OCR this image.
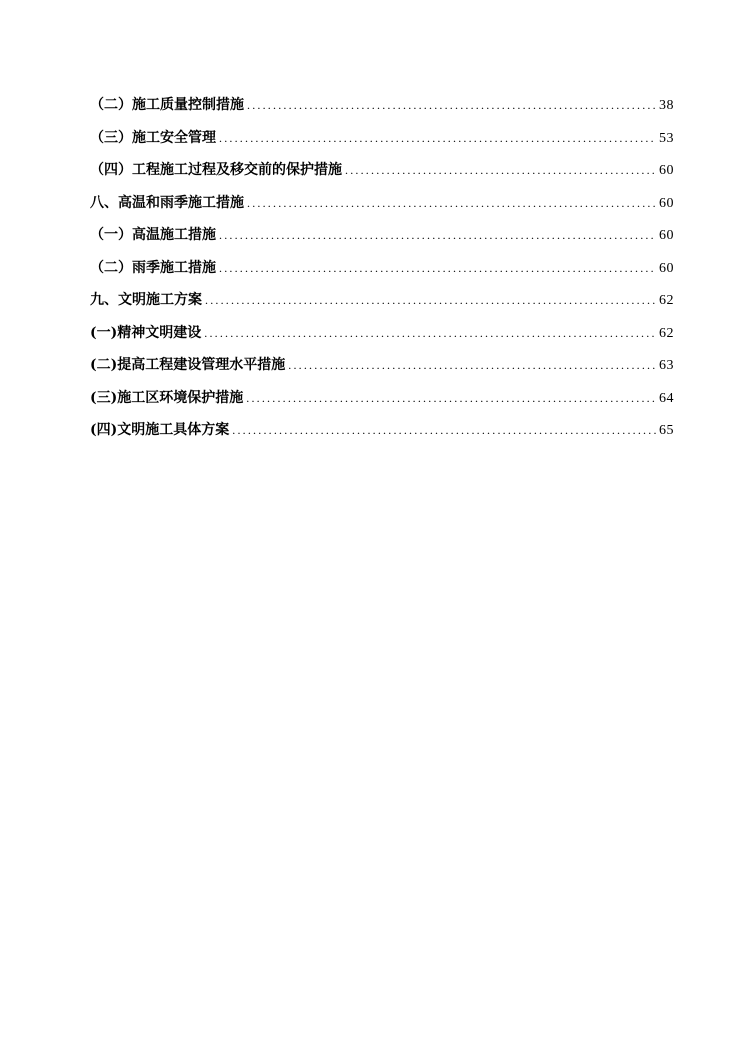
（二）施工质量控制措施 .....	38
（三）施工安全管理 .....	53
（四）工程施工过程及移交前的保护措施 .....	60
八、高温和雨季施工措施 .....	60
（一）高温施工措施 .....	60
（二）雨季施工措施 .....	60
九、文明施工方案 .....	62
(一)精神文明建设 .....	62
(二)提高工程建设管理水平措施 .....	63
(三)施工区环境保护措施 .....	64
(四)文明施工具体方案 .....	65
